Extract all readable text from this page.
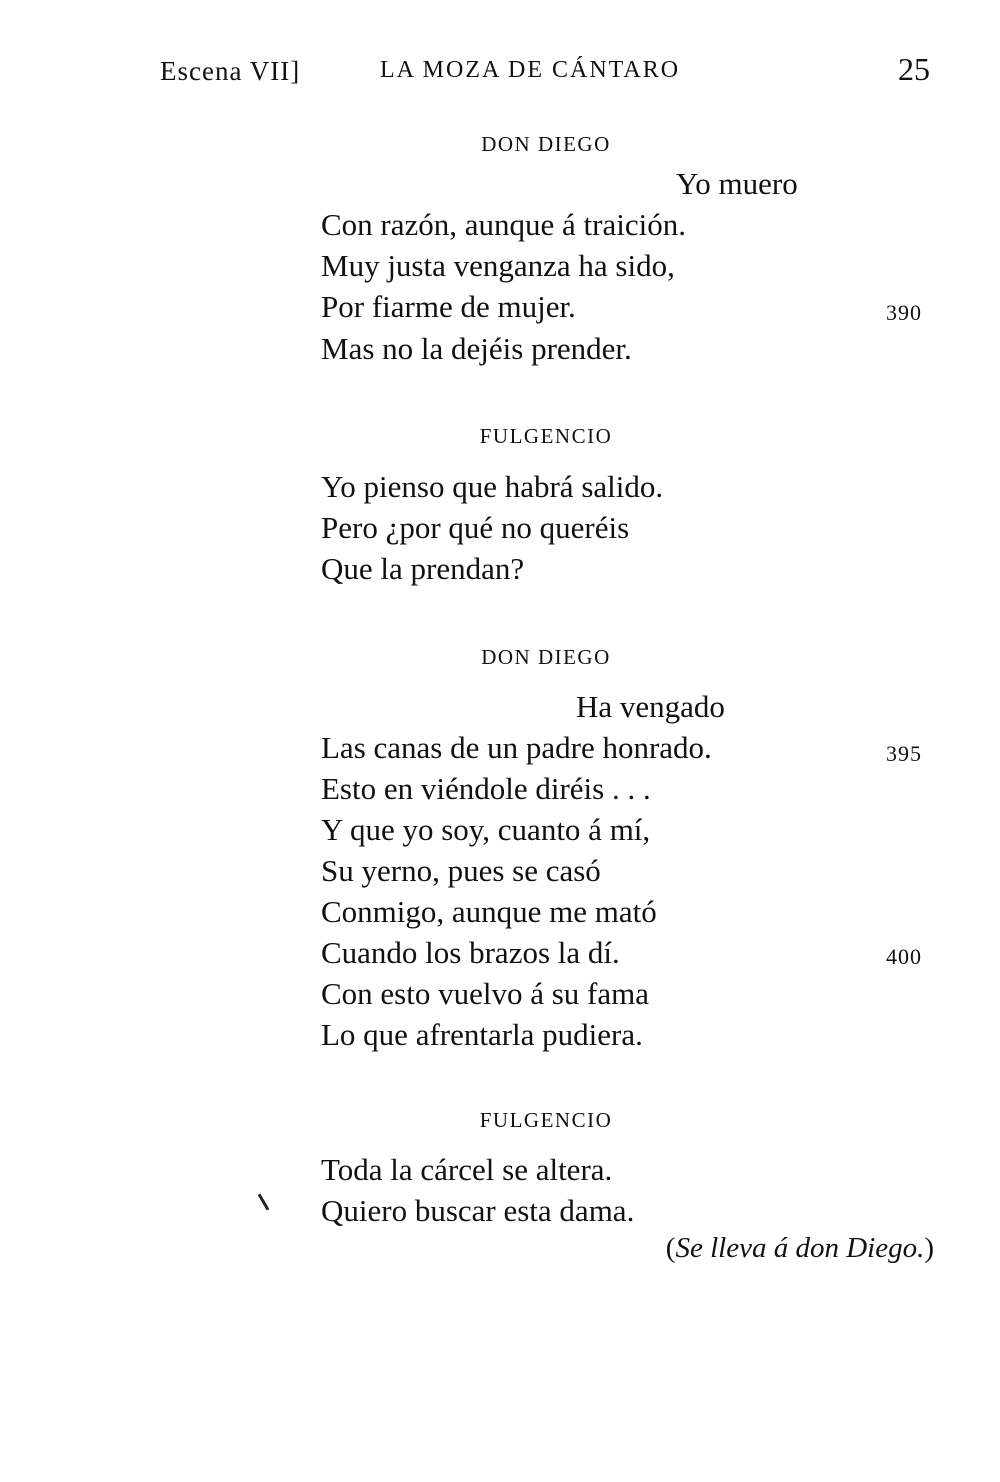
Escena VII]	LA MOZA DE CÁNTARO	25
DON DIEGO
Yo muero
Con razón, aunque á traición.
Muy justa venganza ha sido,
Por fiarme de mujer.	390
Mas no la dejéis prender.
FULGENCIO
Yo pienso que habrá salido.
Pero ¿por qué no queréis
Que la prendan?
DON DIEGO
Ha vengado
Las canas de un padre honrado.	395
Esto en viéndole diréis . . .
Y que yo soy, cuanto á mí,
Su yerno, pues se casó
Conmigo, aunque me mató
Cuando los brazos la dí.	400
Con esto vuelvo á su fama
Lo que afrentarla pudiera.
FULGENCIO
Toda la cárcel se altera.
Quiero buscar esta dama.
(Se lleva á don Diego.)
